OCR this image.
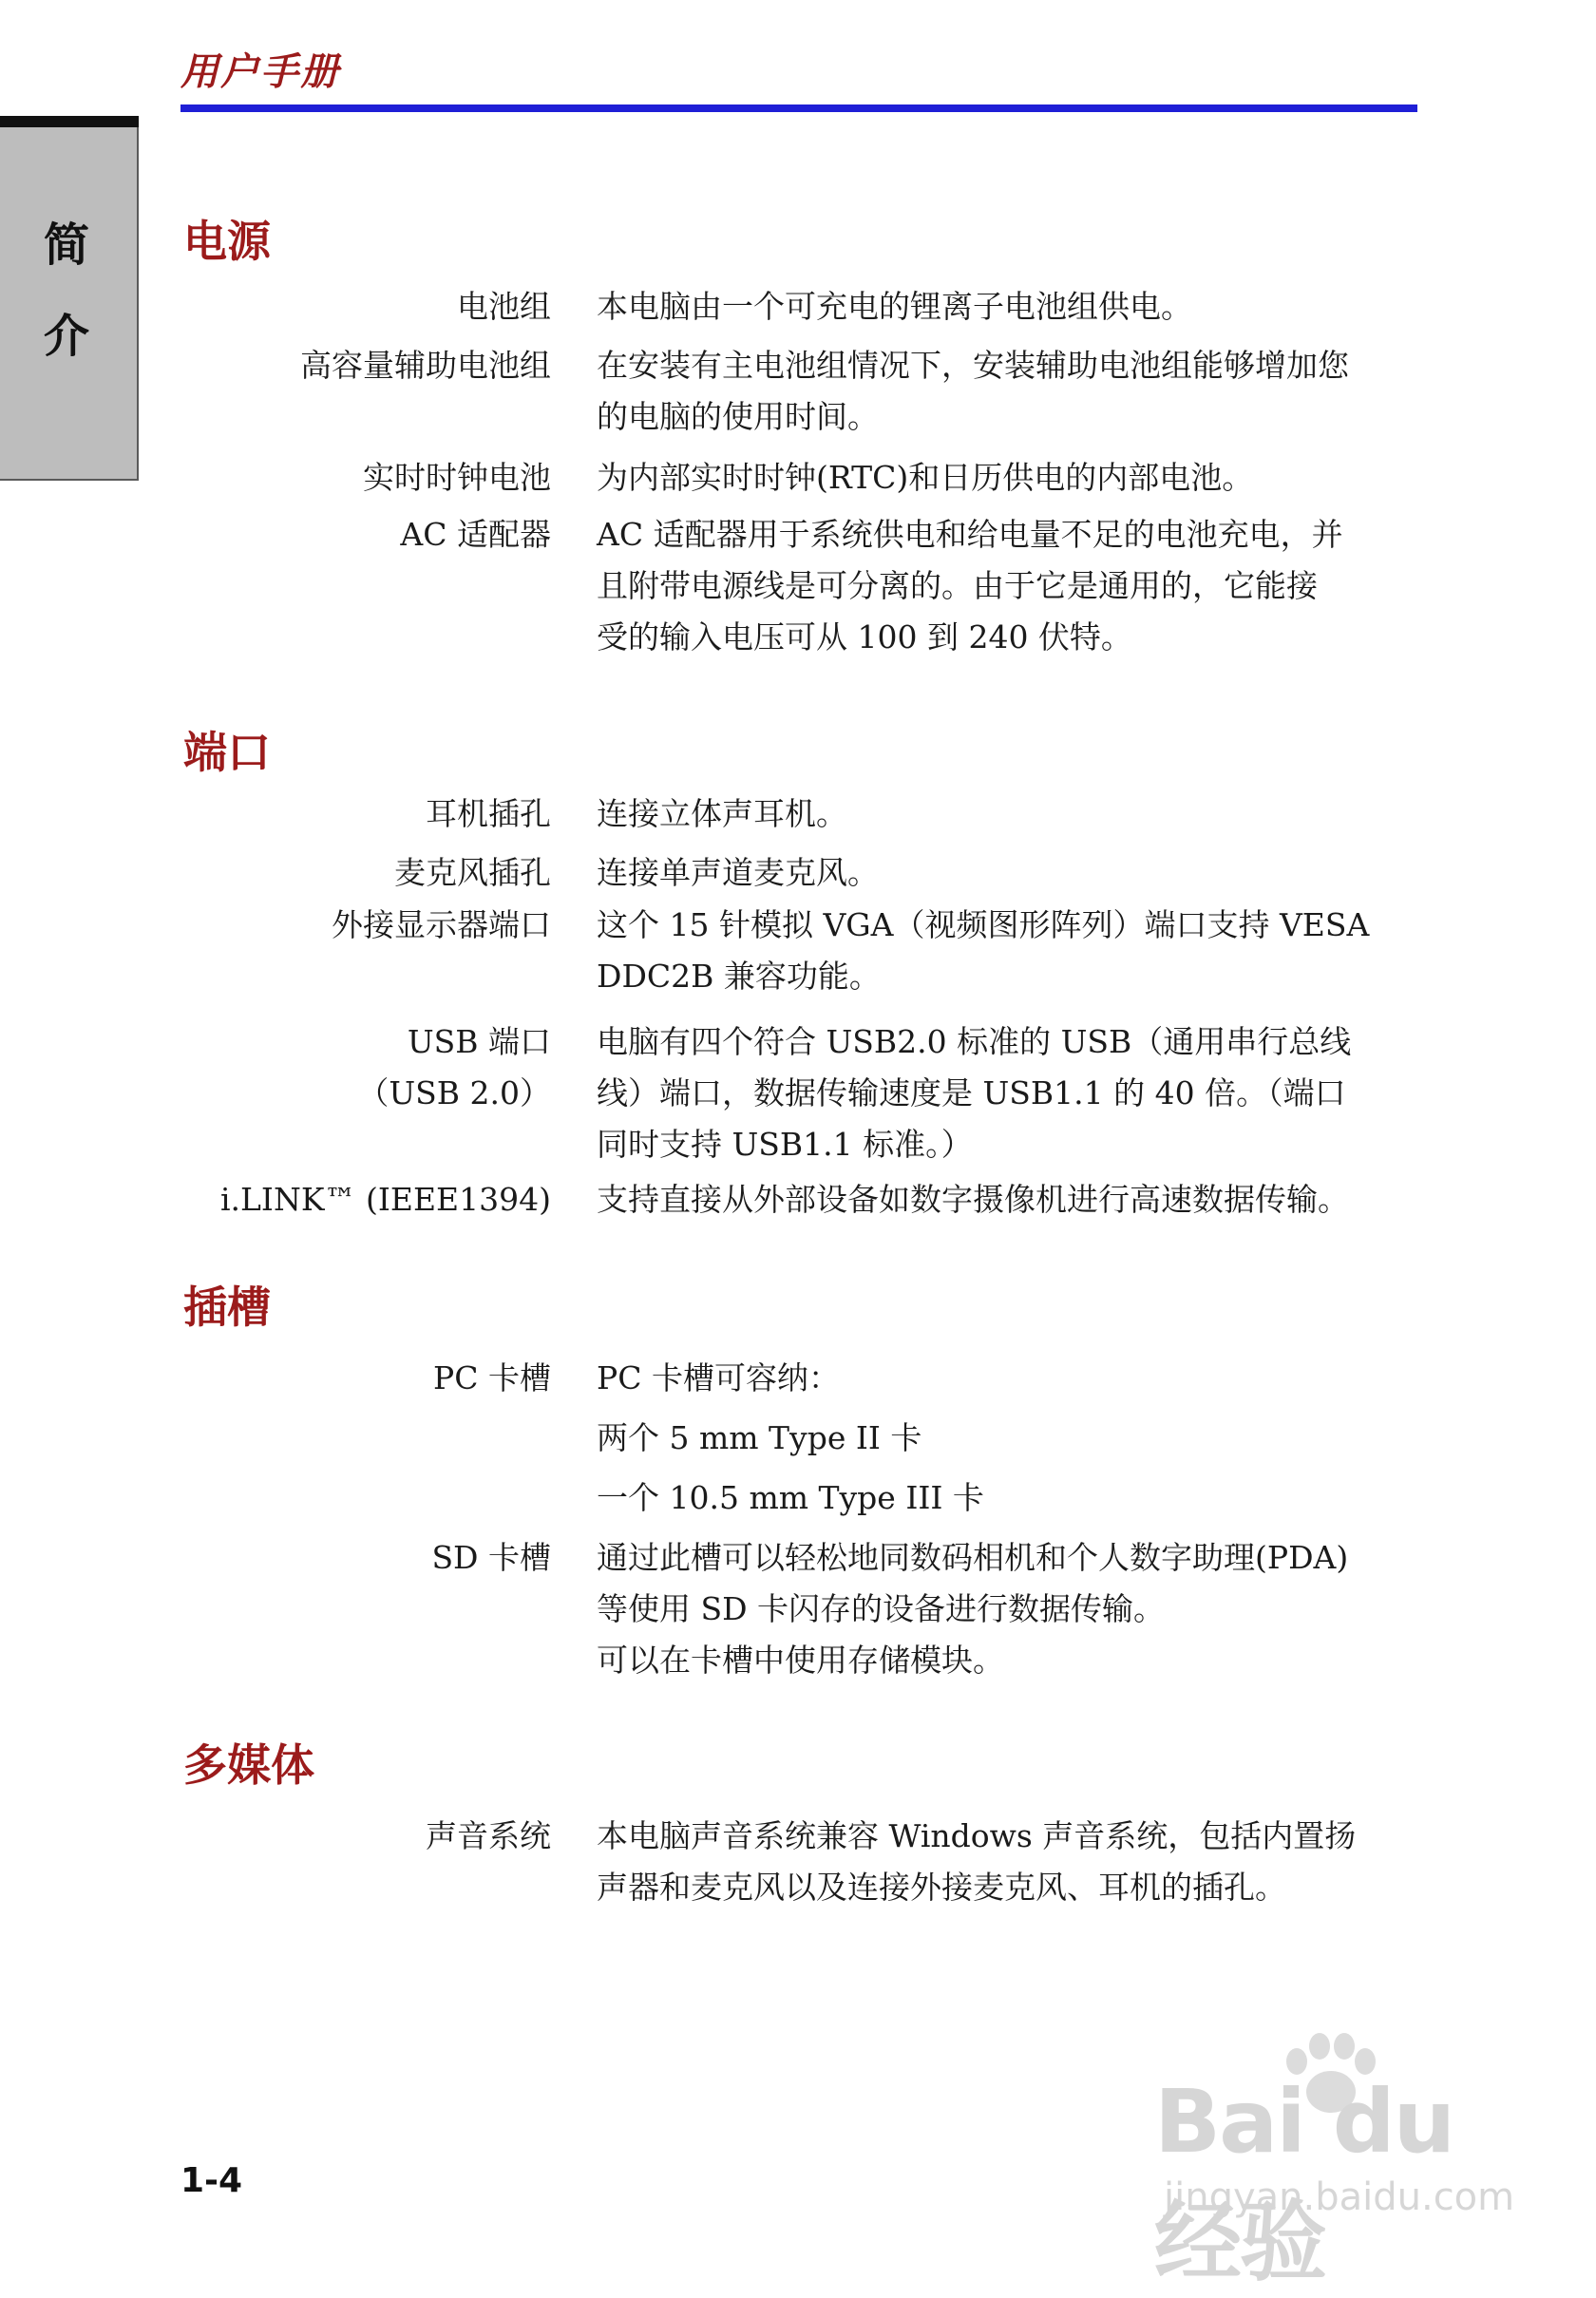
用户手册
简
介
电源
电池组 本电脑由一个可充电的锂离子电池组供电。
高容量辅助电池组 在安装有主电池组情况下，安装辅助电池组能够增加您
的电脑的使用时间。
实时时钟电池 为内部实时时钟(RTC)和日历供电的内部电池。
AC 适配器 AC 适配器用于系统供电和给电量不足的电池充电，并
且附带电源线是可分离的。由于它是通用的，它能接
受的输入电压可从 100 到 240 伏特。
端口
耳机插孔 连接立体声耳机。
麦克风插孔 连接单声道麦克风。
外接显示器端口 这个 15 针模拟 VGA（视频图形阵列）端口支持 VESA
DDC2B 兼容功能。
USB 端口
（USB 2.0）
电脑有四个符合 USB2.0 标准的 USB（通用串行总线
线）端口，数据传输速度是 USB1.1 的 40 倍。（端口
同时支持 USB1.1 标准。）
i.LINK™ (IEEE1394) 支持直接从外部设备如数字摄像机进行高速数据传输。
插槽
PC 卡槽 PC 卡槽可容纳：
两个 5 mm Type II 卡
一个 10.5 mm Type III 卡
SD 卡槽 通过此槽可以轻松地同数码相机和个人数字助理(PDA)
等使用 SD 卡闪存的设备进行数据传输。
可以在卡槽中使用存储模块。
多媒体
声音系统 本电脑声音系统兼容 Windows 声音系统，包括内置扬
声器和麦克风以及连接外接麦克风、耳机的插孔。
1-4
Bai du 经验
jingyan.baidu.com
